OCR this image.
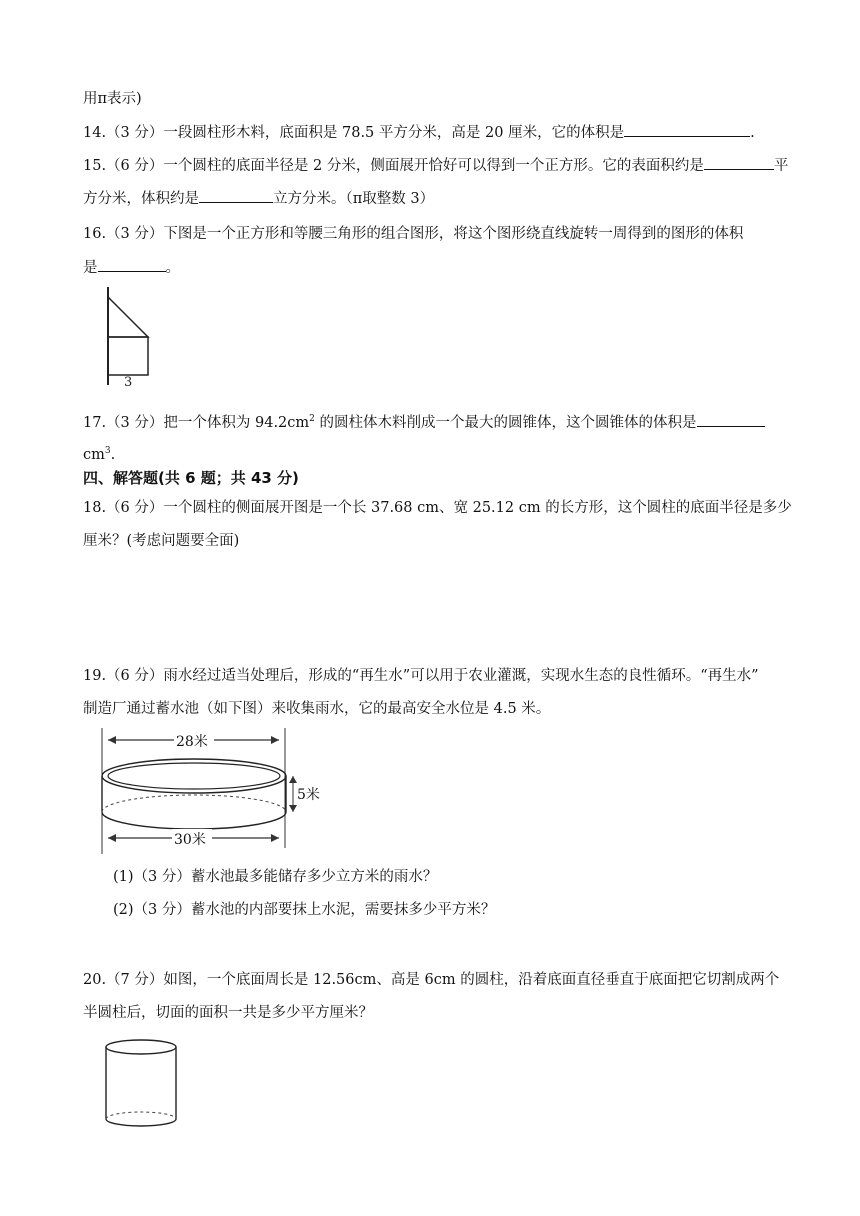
用π表示)
14.（3 分）一段圆柱形木料，底面积是 78.5 平方分米，高是 20 厘米，它的体积是	.
15.（6 分）一个圆柱的底面半径是 2 分米，侧面展开恰好可以得到一个正方形。它的表面积约是	平
方分米，体积约是	立方分米。（π取整数 3）
16.（3 分）下图是一个正方形和等腰三角形的组合图形，将这个图形绕直线旋转一周得到的图形的体积
是	。
3
17.（3 分）把一个体积为 $94.2cm^2$ 的圆柱体木料削成一个最大的圆锥体，这个圆锥体的体积是
$cm^3$.
四、解答题(共 6 题；共 43 分)
18.（6 分）一个圆柱的侧面展开图是一个长 37.68 cm、宽 25.12 cm 的长方形，这个圆柱的底面半径是多少
厘米？(考虑问题要全面)
19.（6 分）雨水经过适当处理后，形成的“再生水”可以用于农业灌溉，实现水生态的良性循环。“再生水”
制造厂通过蓄水池（如下图）来收集雨水，它的最高安全水位是 4.5 米。
28米
5米
30米
(1)（3 分）蓄水池最多能储存多少立方米的雨水？
(2)（3 分）蓄水池的内部要抹上水泥，需要抹多少平方米？
20.（7 分）如图，一个底面周长是 12.56cm、高是 6cm 的圆柱，沿着底面直径垂直于底面把它切割成两个
半圆柱后，切面的面积一共是多少平方厘米？
